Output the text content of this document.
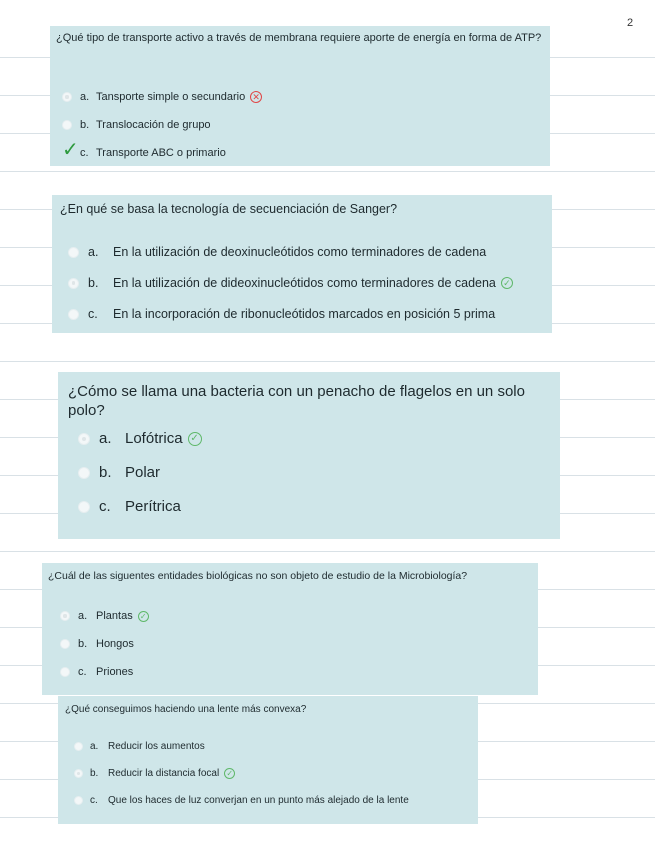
2
¿Qué tipo de transporte activo a través de membrana requiere aporte de energía en forma de ATP?
a. Tansporte simple o secundario ✕
b. Translocación de grupo
✓ c. Transporte ABC o primario
¿En qué se basa la tecnología de secuenciación de Sanger?
a.	En la utilización de deoxinucleótidos como terminadores de cadena
b.	En la utilización de dideoxinucleótidos como terminadores de cadena ✓
c.	En la incorporación de ribonucleótidos marcados en posición 5 prima
¿Cómo se llama una bacteria con un penacho de flagelos en un solo polo?
a. Lofótrica ✓
b. Polar
c. Perítrica
¿Cuál de las siguentes entidades biológicas no son objeto de estudio de la Microbiología?
a. Plantas ✓
b. Hongos
c. Priones
¿Qué conseguimos haciendo una lente más convexa?
a. Reducir los aumentos
b. Reducir la distancia focal ✓
c.	Que los haces de luz converjan en un punto más alejado de la lente
